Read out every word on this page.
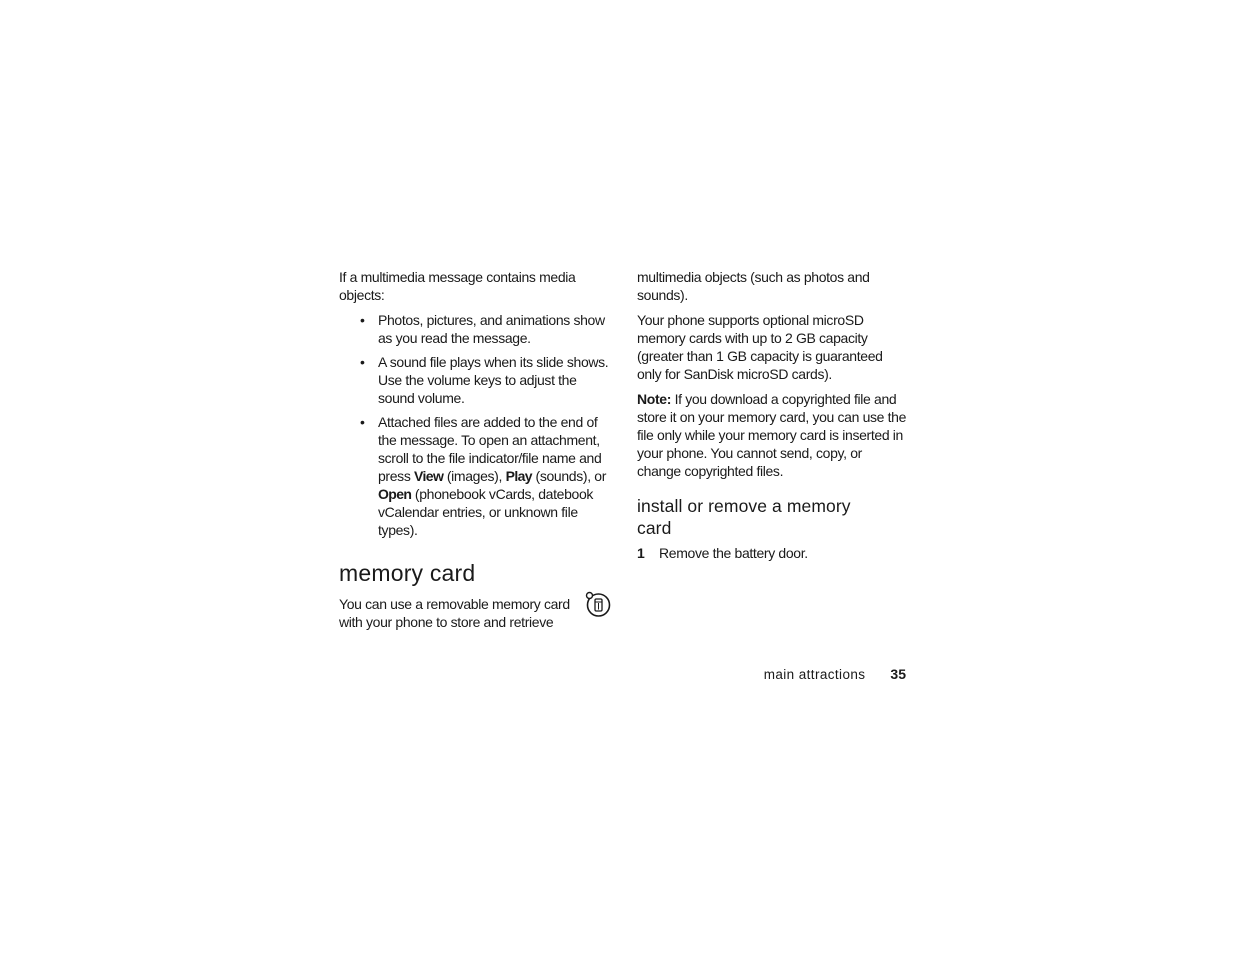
If a multimedia message contains media objects:

• Photos, pictures, and animations show as you read the message.
• A sound file plays when its slide shows. Use the volume keys to adjust the sound volume.
• Attached files are added to the end of the message. To open an attachment, scroll to the file indicator/file name and press View (images), Play (sounds), or Open (phonebook vCards, datebook vCalendar entries, or unknown file types).
memory card

You can use a removable memory card with your phone to store and retrieve

multimedia objects (such as photos and sounds).

Your phone supports optional microSD memory cards with up to 2 GB capacity (greater than 1 GB capacity is guaranteed only for SanDisk microSD cards).

Note: If you download a copyrighted file and store it on your memory card, you can use the file only while your memory card is inserted in your phone. You cannot send, copy, or change copyrighted files.

install or remove a memory card
1	Remove the battery door.
main attractions 35
